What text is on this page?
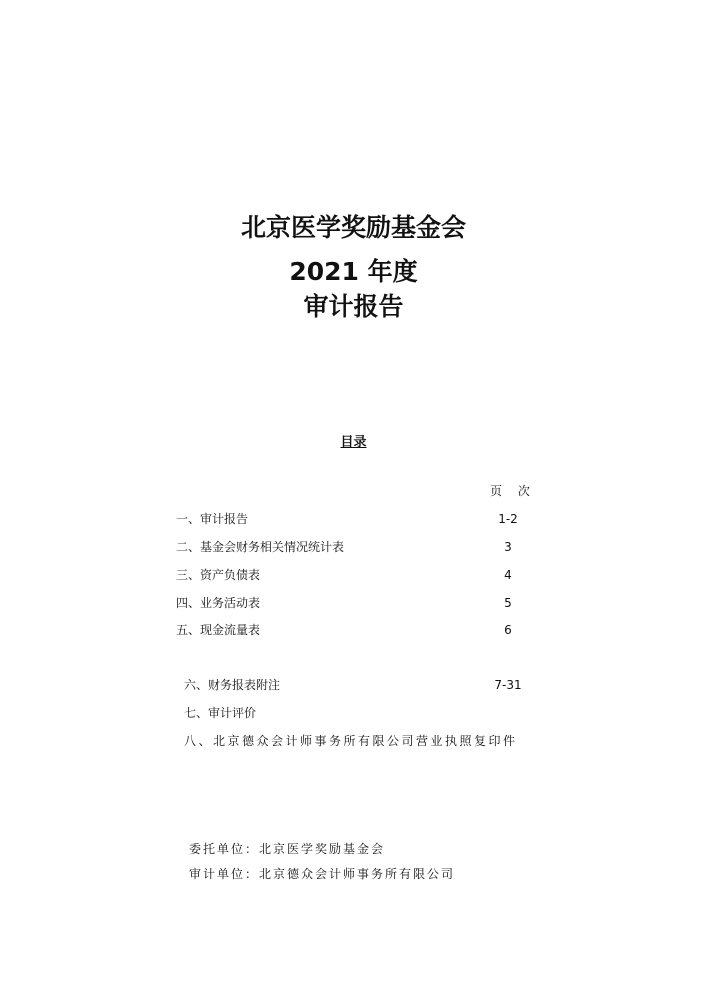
北京医学奖励基金会
2021 年度
审计报告
目录
页 次
一、审计报告	1-2
二、基金会财务相关情况统计表	3
三、资产负债表	4
四、业务活动表	5
五、现金流量表	6
六、财务报表附注	7-31
七、审计评价
八、北京德众会计师事务所有限公司营业执照复印件
委托单位：北京医学奖励基金会
审计单位：北京德众会计师事务所有限公司
